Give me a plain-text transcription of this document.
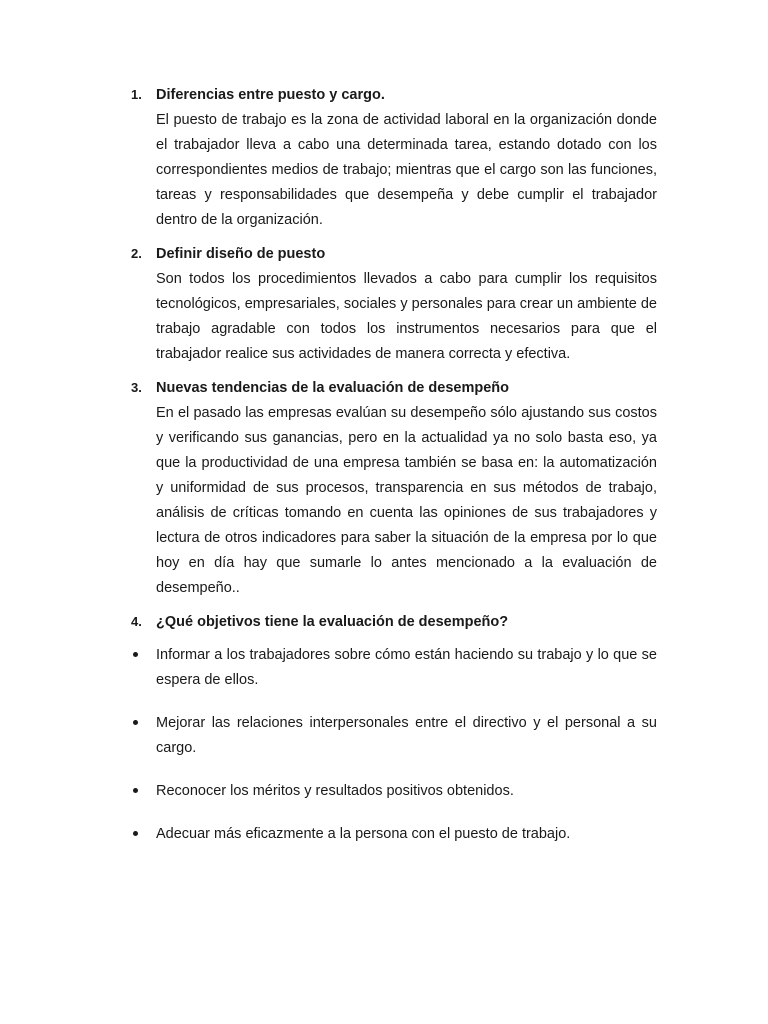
1. Diferencias entre puesto y cargo.
El puesto de trabajo es la zona de actividad laboral en la organización donde el trabajador lleva a cabo una determinada tarea, estando dotado con los correspondientes medios de trabajo; mientras que el cargo son las funciones, tareas y responsabilidades que desempeña y debe cumplir el trabajador dentro de la organización.
2. Definir diseño de puesto
Son todos los procedimientos llevados a cabo para cumplir los requisitos tecnológicos, empresariales, sociales y personales para crear un ambiente de trabajo agradable con todos los instrumentos necesarios para que el trabajador realice sus actividades de manera correcta y efectiva.
3. Nuevas tendencias de la evaluación de desempeño
En el pasado las empresas evalúan su desempeño sólo ajustando sus costos y verificando sus ganancias, pero en la actualidad ya no solo basta eso, ya que la productividad de una empresa también se basa en: la automatización y uniformidad de sus procesos, transparencia en sus métodos de trabajo, análisis de críticas tomando en cuenta las opiniones de sus trabajadores y lectura de otros indicadores para saber la situación de la empresa por lo que hoy en día hay que sumarle lo antes mencionado a la evaluación de desempeño..
4. ¿Qué objetivos tiene la evaluación de desempeño?
Informar a los trabajadores sobre cómo están haciendo su trabajo y lo que se espera de ellos.
Mejorar las relaciones interpersonales entre el directivo y el personal a su cargo.
Reconocer los méritos y resultados positivos obtenidos.
Adecuar más eficazmente a la persona con el puesto de trabajo.
